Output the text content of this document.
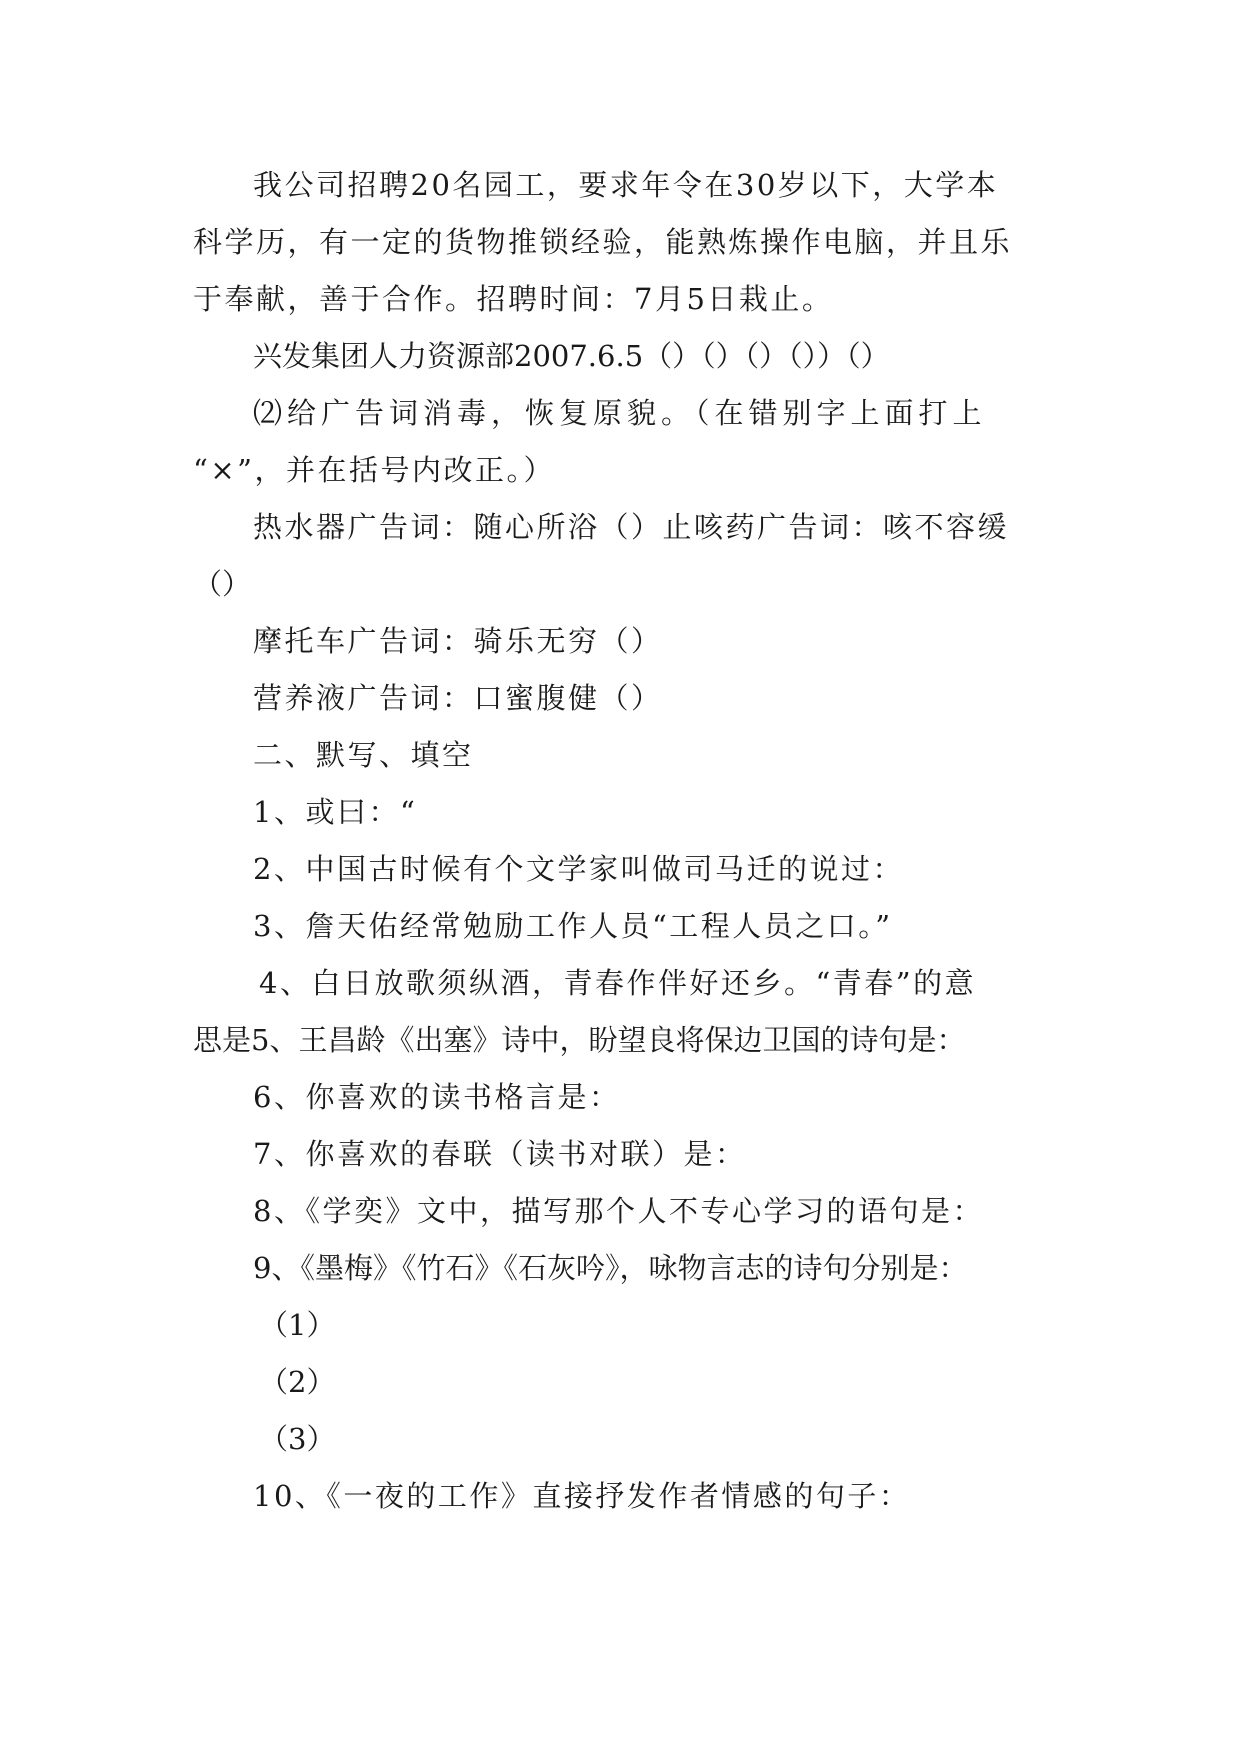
我公司招聘20名园工，要求年令在30岁以下，大学本
科学历，有一定的货物推锁经验，能熟炼操作电脑，并且乐
于奉献，善于合作。招聘时间：7月5日栽止。
兴发集团人力资源部2007.6.5（）（）（）（））（）
⑵给广告词消毒，恢复原貌。（在错别字上面打上
“×”，并在括号内改正。）
热水器广告词：随心所浴（）止咳药广告词：咳不容缓
（）
摩托车广告词：骑乐无穷（）
营养液广告词：口蜜腹健（）
二、默写、填空
1、或曰：“
2、中国古时候有个文学家叫做司马迁的说过：
3、詹天佑经常勉励工作人员“工程人员之口。”
4、白日放歌须纵酒，青春作伴好还乡。“青春”的意
思是5、王昌龄《出塞》诗中，盼望良将保边卫国的诗句是：
6、你喜欢的读书格言是：
7、你喜欢的春联（读书对联）是：
8、《学奕》文中，描写那个人不专心学习的语句是：
9、《墨梅》《竹石》《石灰吟》，咏物言志的诗句分别是：
（1）
（2）
（3）
10、《一夜的工作》直接抒发作者情感的句子：
